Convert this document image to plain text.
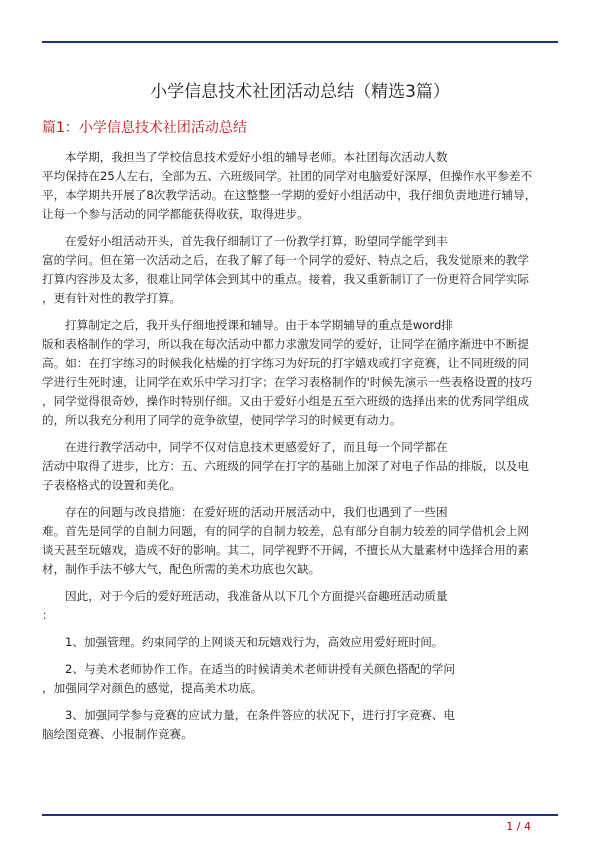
小学信息技术社团活动总结（精选3篇）
篇1：小学信息技术社团活动总结

本学期，我担当了学校信息技术爱好小组的辅导老师。本社团每次活动人数
平均保持在25人左右，全部为五、六班级同学。社团的同学对电脑爱好深厚，但操作水平参差不
平，本学期共开展了8次教学活动。在这整整一学期的爱好小组活动中，我仔细负责地进行辅导，
让每一个参与活动的同学都能获得收获，取得进步。

在爱好小组活动开头，首先我仔细制订了一份教学打算，盼望同学能学到丰
富的学问。但在第一次活动之后，在我了解了每一个同学的爱好、特点之后，我发觉原来的教学
打算内容涉及太多，很难让同学体会到其中的重点。接着，我又重新制订了一份更符合同学实际
，更有针对性的教学打算。

打算制定之后，我开头仔细地授课和辅导。由于本学期辅导的重点是word排
版和表格制作的学习，所以我在每次活动中都力求激发同学的爱好，让同学在循序渐进中不断提
高。如：在打字练习的时候我化枯燥的打字练习为好玩的打字嬉戏或打字竞赛，让不同班级的同
学进行生死时速，让同学在欢乐中学习打字；在学习表格制作的'时候先演示一些表格设置的技巧
，同学觉得很奇妙，操作时特别仔细。又由于爱好小组是五至六班级的选择出来的优秀同学组成
的，所以我充分利用了同学的竞争欲望，使同学学习的时候更有动力。

在进行教学活动中，同学不仅对信息技术更感爱好了，而且每一个同学都在
活动中取得了进步，比方：五、六班级的同学在打字的基础上加深了对电子作品的排版，以及电
子表格格式的设置和美化。

存在的问题与改良措施：在爱好班的活动开展活动中，我们也遇到了一些困
难。首先是同学的自制力问题，有的同学的自制力较差，总有部分自制力较差的同学借机会上网
谈天甚至玩嬉戏，造成不好的影响。其二，同学视野不开阔，不擅长从大量素材中选择合用的素
材，制作手法不够大气，配色所需的美术功底也欠缺。

因此，对于今后的爱好班活动，我准备从以下几个方面提兴奋趣班活动质量
：

1、加强管理。约束同学的上网谈天和玩嬉戏行为，高效应用爱好班时间。

2、与美术老师协作工作。在适当的时候请美术老师讲授有关颜色搭配的学问
，加强同学对颜色的感觉，提高美术功底。

3、加强同学参与竞赛的应试力量，在条件答应的状况下，进行打字竞赛、电
脑绘图竞赛、小报制作竞赛。

1 / 4
